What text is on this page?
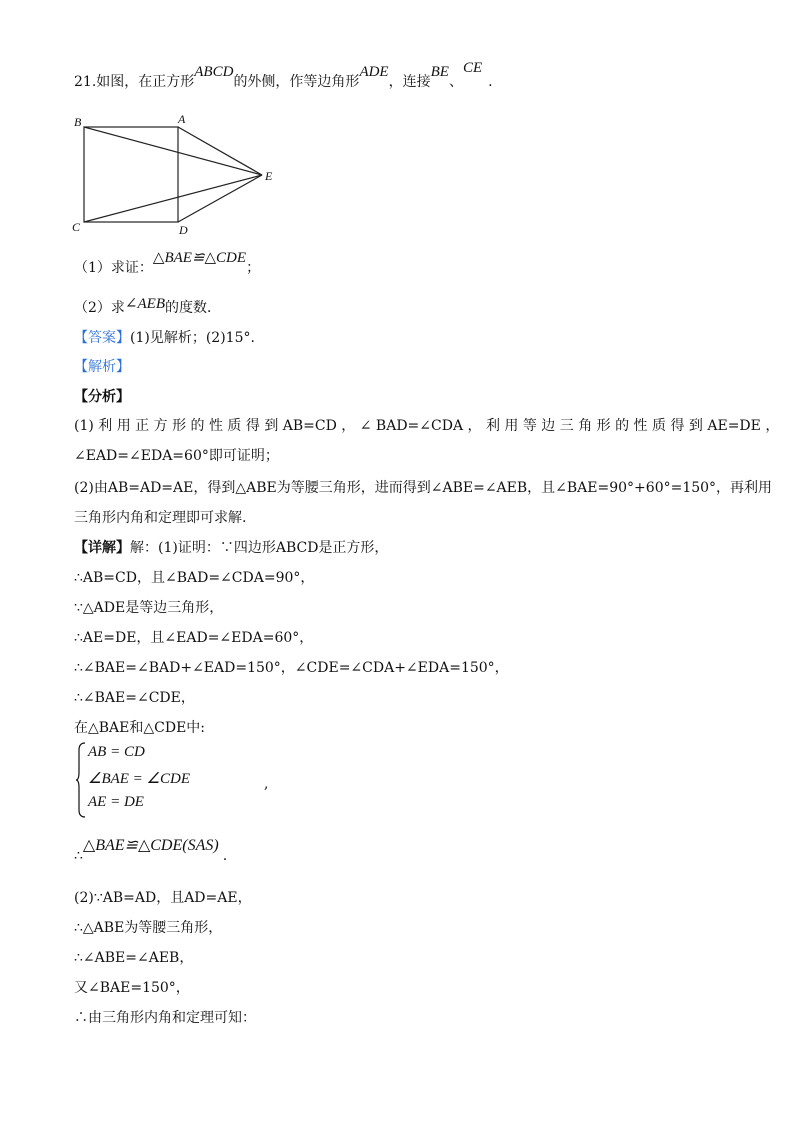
21.如图，在正方形ABCD的外侧，作等边角形ADE，连接BE、CE.
B	A
E
C	D
（1）求证：△BAE≌△CDE；
（2）求∠AEB的度数．
【答案】(1)见解析；(2)15°.
【解析】
【分析】
(1) 利 用 正 方 形 的 性 质 得 到 AB=CD ， ∠ BAD=∠CDA ， 利 用 等 边 三 角 形 的 性 质 得 到 AE=DE ，
∠EAD=∠EDA=60°即可证明；
(2)由AB=AD=AE，得到△ABE为等腰三角形，进而得到∠ABE=∠AEB，且∠BAE=90°+60°=150°，再利用
三角形内角和定理即可求解.
【详解】解：(1)证明：∵四边形ABCD是正方形，
∴AB=CD，且∠BAD=∠CDA=90°，
∵△ADE是等边三角形，
∴AE=DE，且∠EAD=∠EDA=60°，
∴∠BAE=∠BAD+∠EAD=150°，∠CDE=∠CDA+∠EDA=150°，
∴∠BAE=∠CDE，
在△BAE和△CDE中:
AB = CD
∠BAE = ∠CDE
AE = DE
,
∴△BAE≌△CDE(SAS).
(2)∵AB=AD，且AD=AE，
∴△ABE为等腰三角形，
∴∠ABE=∠AEB，
又∠BAE=150°，
∴由三角形内角和定理可知：
